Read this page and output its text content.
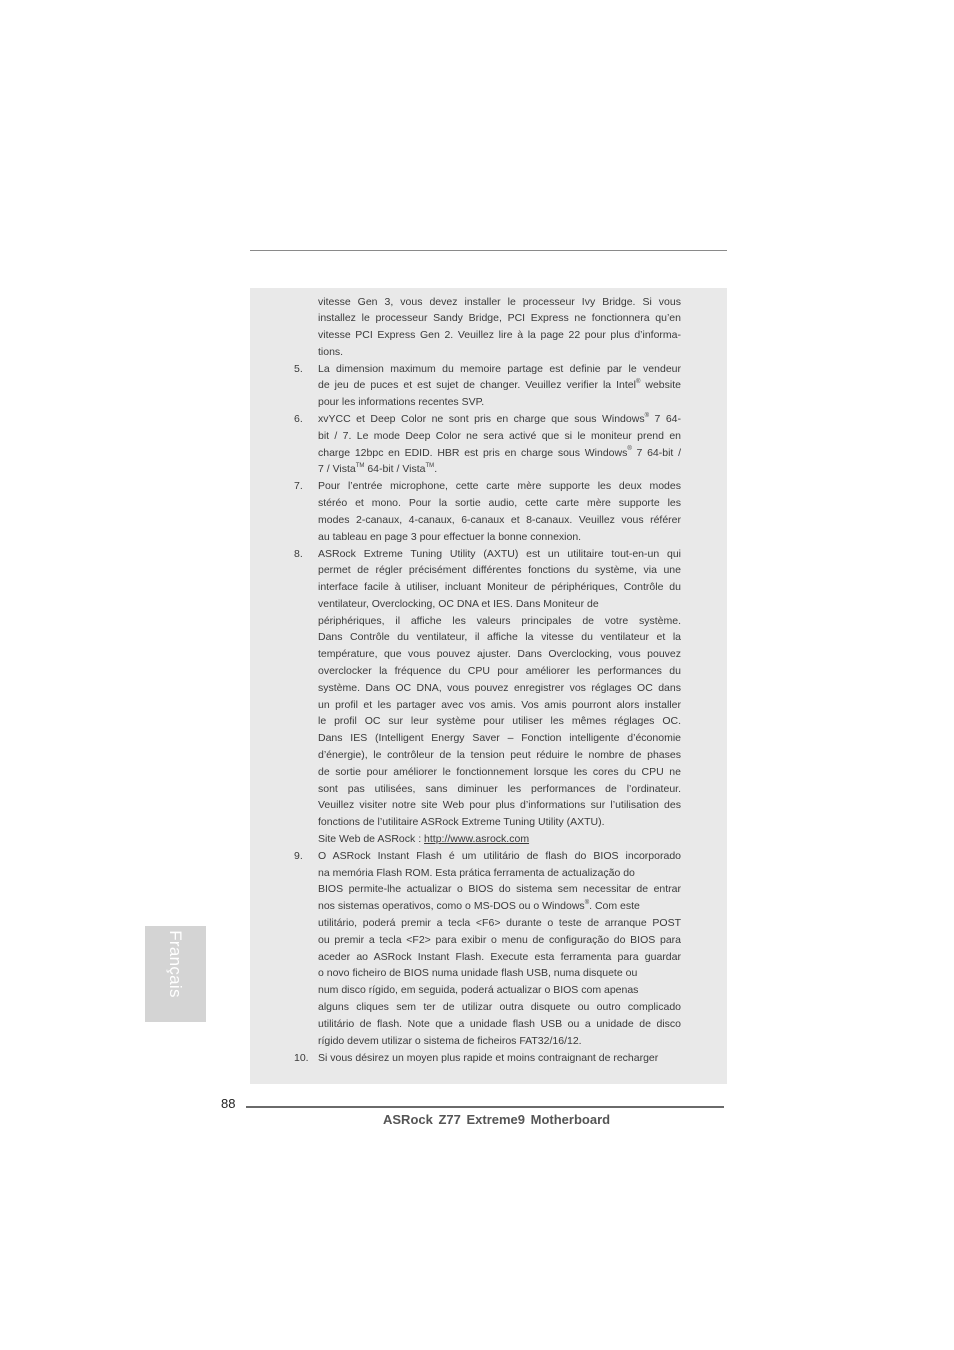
vitesse Gen 3, vous devez installer le processeur Ivy Bridge. Si vous
installez le processeur Sandy Bridge, PCI Express ne fonctionnera qu’en
vitesse PCI Express Gen 2. Veuillez lire à la page 22 pour plus d’informa-
tions.
5. La dimension maximum du memoire partage est definie par le vendeur
de jeu de puces et est sujet de changer. Veuillez verifier la Intel® website
pour les informations recentes SVP.
6. xvYCC et Deep Color ne sont pris en charge que sous Windows® 7 64-
bit / 7. Le mode Deep Color ne sera activé que si le moniteur prend en
charge 12bpc en EDID. HBR est pris en charge sous Windows® 7 64-bit /
7 / Vista™ 64-bit / Vista™.
7. Pour l’entrée microphone, cette carte mère supporte les deux modes
stéréo et mono. Pour la sortie audio, cette carte mère supporte les
modes 2-canaux, 4-canaux, 6-canaux et 8-canaux. Veuillez vous référer
au tableau en page 3 pour effectuer la bonne connexion.
8. ASRock Extreme Tuning Utility (AXTU) est un utilitaire tout-en-un qui
permet de régler précisément différentes fonctions du système, via une
interface facile à utiliser, incluant Moniteur de périphériques, Contrôle du
ventilateur, Overclocking, OC DNA et IES. Dans Moniteur de
périphériques, il affiche les valeurs principales de votre système.
Dans Contrôle du ventilateur, il affiche la vitesse du ventilateur et la
température, que vous pouvez ajuster. Dans Overclocking, vous pouvez
overclocker la fréquence du CPU pour améliorer les performances du
système. Dans OC DNA, vous pouvez enregistrer vos réglages OC dans
un profil et les partager avec vos amis. Vos amis pourront alors installer
le profil OC sur leur système pour utiliser les mêmes réglages OC.
Dans IES (Intelligent Energy Saver – Fonction intelligente d’économie
d’énergie), le contrôleur de la tension peut réduire le nombre de phases
de sortie pour améliorer le fonctionnement lorsque les cores du CPU ne
sont pas utilisées, sans diminuer les performances de l’ordinateur.
Veuillez visiter notre site Web pour plus d’informations sur l’utilisation des
fonctions de l’utilitaire ASRock Extreme Tuning Utility (AXTU).
Site Web de ASRock : http://www.asrock.com
9. O ASRock Instant Flash é um utilitário de flash do BIOS incorporado
na memória Flash ROM. Esta prática ferramenta de actualização do
BIOS permite-lhe actualizar o BIOS do sistema sem necessitar de entrar
nos sistemas operativos, como o MS-DOS ou o Windows®. Com este
utilitário, poderá premir a tecla <F6> durante o teste de arranque POST
ou premir a tecla <F2> para exibir o menu de configuração do BIOS para
aceder ao ASRock Instant Flash. Execute esta ferramenta para guardar
o novo ficheiro de BIOS numa unidade flash USB, numa disquete ou
num disco rígido, em seguida, poderá actualizar o BIOS com apenas
alguns cliques sem ter de utilizar outra disquete ou outro complicado
utilitário de flash. Note que a unidade flash USB ou a unidade de disco
rígido devem utilizar o sistema de ficheiros FAT32/16/12.
10. Si vous désirez un moyen plus rapide et moins contraignant de recharger
Français
88
ASRock Z77 Extreme9 Motherboard
